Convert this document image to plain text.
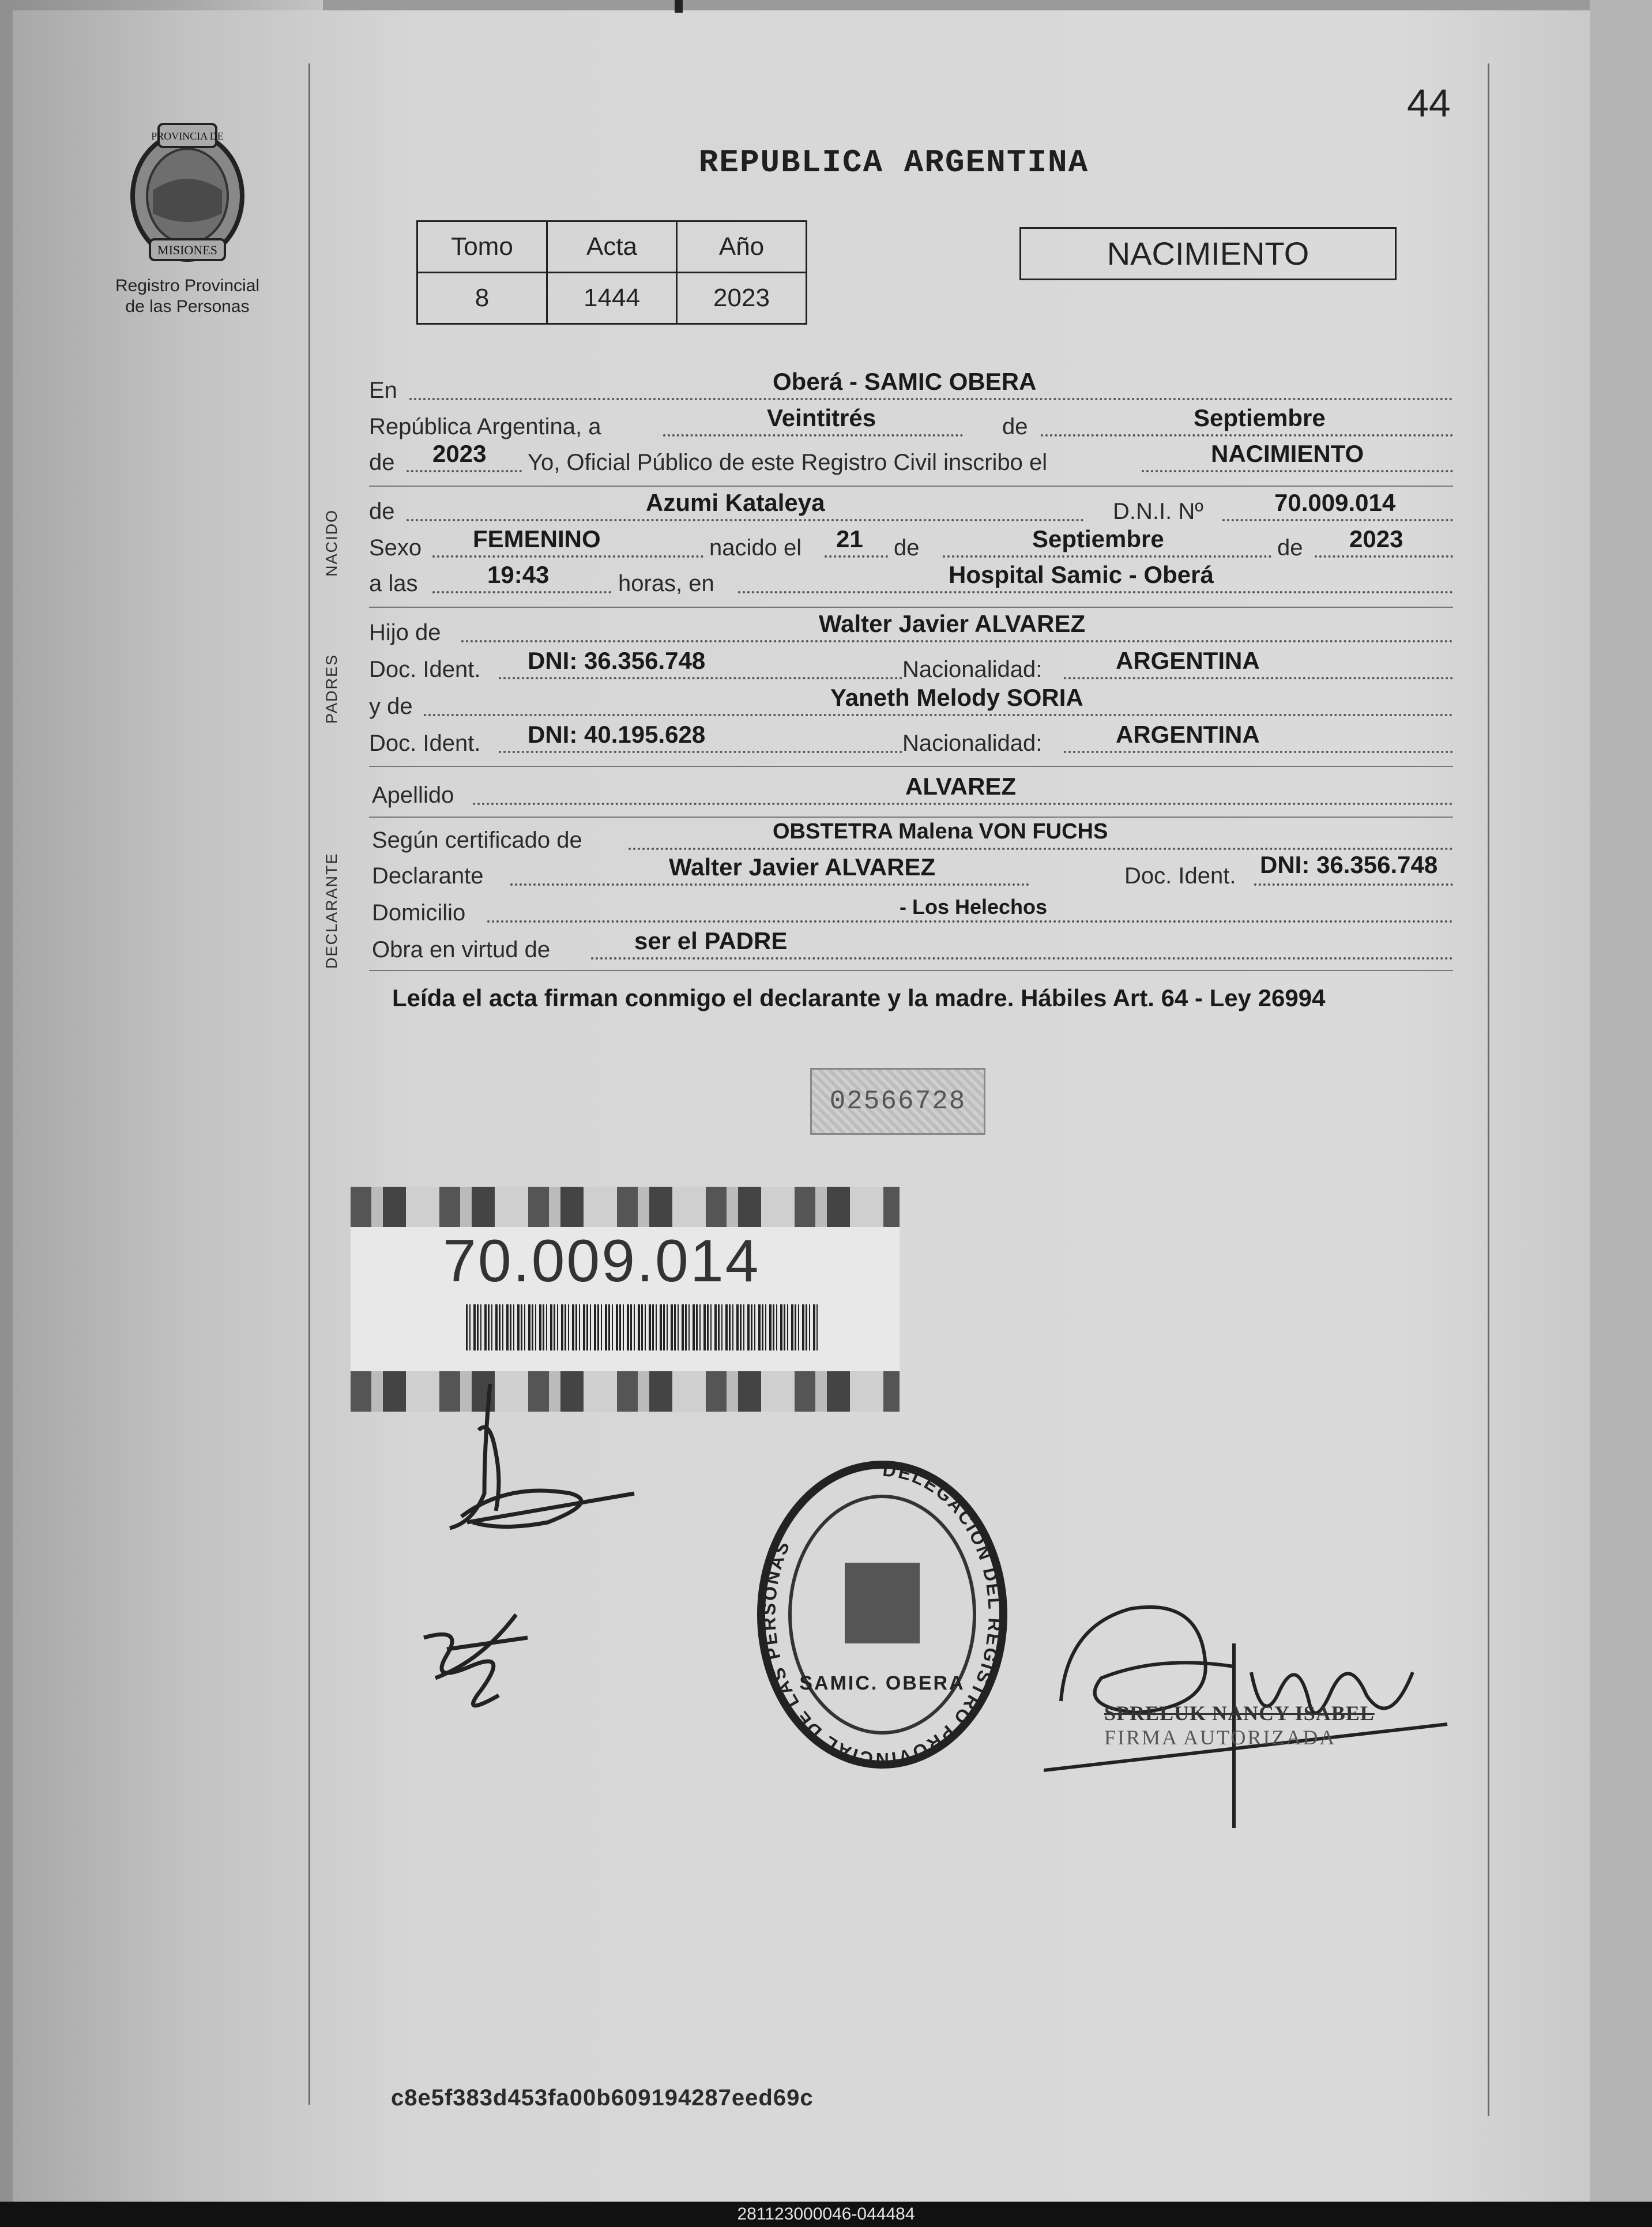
44
PROVINCIA DE
MISIONES
Registro Provincial
de las Personas
REPUBLICA ARGENTINA
Tomo	Acta	Año
8	1444	2023
NACIMIENTO
En	Oberá - SAMIC OBERA
República Argentina, a	Veintitrés	de	Septiembre
de 2023 Yo, Oficial Público de este Registro Civil inscribo el	NACIMIENTO
NACIDO de	Azumi Kataleya	D.N.I. Nº	70.009.014
Sexo FEMENINO	nacido el 21 de	Septiembre	de 2023
a las	19:43	horas, en	Hospital Samic - Oberá
PADRES
Hijo de	Walter Javier ALVAREZ
Doc. Ident. DNI: 36.356.748	Nacionalidad:	ARGENTINA
y de	Yaneth Melody SORIA
Doc. Ident. DNI: 40.195.628	Nacionalidad:	ARGENTINA
Apellido	ALVAREZ
DECLARANTE
Según certificado de	OBSTETRA Malena VON FUCHS
Declarante	Walter Javier ALVAREZ	Doc. Ident. DNI: 36.356.748
Domicilio	- Los Helechos
Obra en virtud de	ser el PADRE
Leída el acta firman conmigo el declarante y la madre. Hábiles Art. 64 - Ley 26994
02566728
70.009.014
DELEGACION DEL REGISTRO PROVINCIAL DE LAS PERSONAS
SAMIC. OBERA
SPRELUK NANCY ISABEL
FIRMA AUTORIZADA
c8e5f383d453fa00b609194287eed69c
281123000046-044484
